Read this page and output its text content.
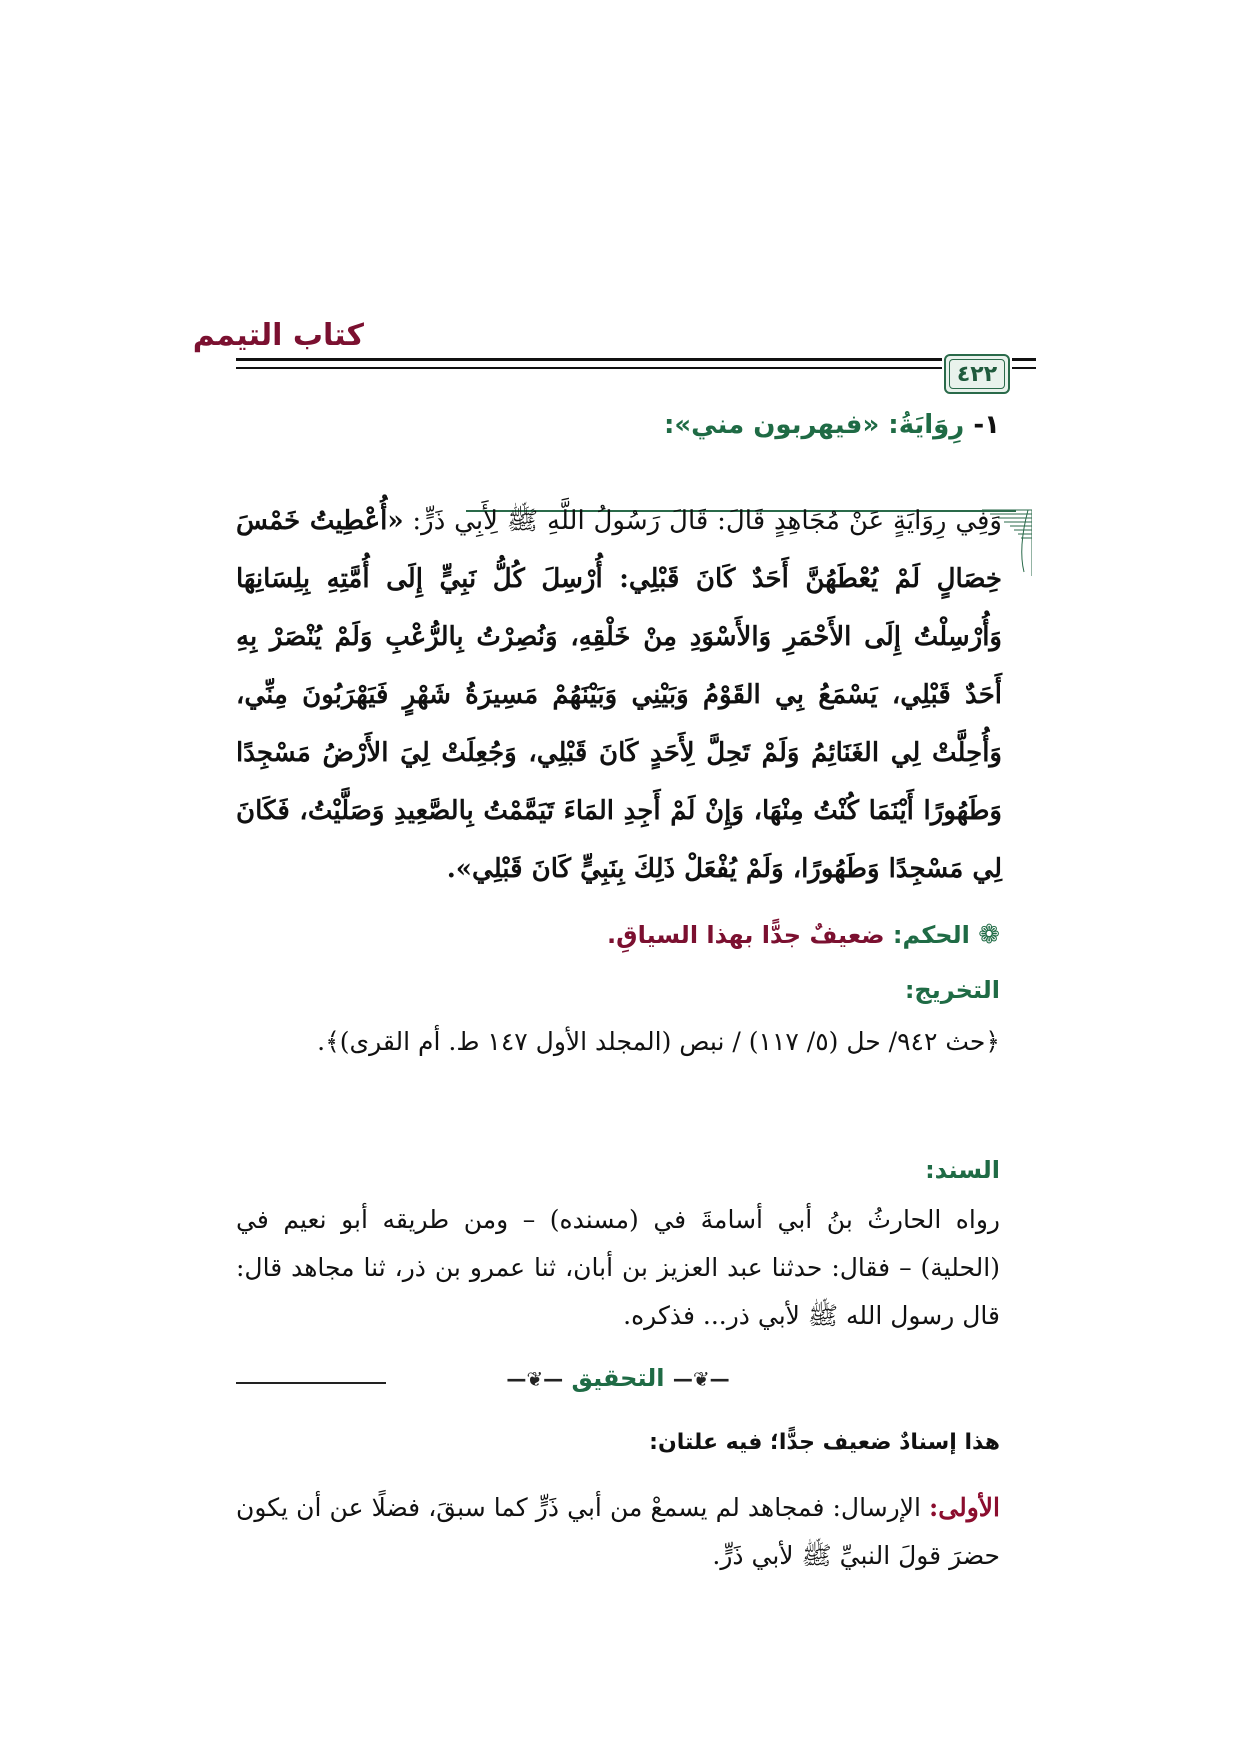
كتاب التيمم
٤٢٢
١- رِوَايَةُ: «فيهربون مني»:
وَفِي رِوَايَةٍ عَنْ مُجَاهِدٍ قَالَ: قَالَ رَسُولُ اللَّهِ ﷺ لِأَبِي ذَرٍّ: «أُعْطِيتُ خَمْسَ خِصَالٍ لَمْ يُعْطَهُنَّ أَحَدٌ كَانَ قَبْلِي: أُرْسِلَ كُلُّ نَبِيٍّ إِلَى أُمَّتِهِ بِلِسَانِهَا وَأُرْسِلْتُ إِلَى الأَحْمَرِ وَالأَسْوَدِ مِنْ خَلْقِهِ، وَنُصِرْتُ بِالرُّعْبِ وَلَمْ يُنْصَرْ بِهِ أَحَدٌ قَبْلِي، يَسْمَعُ بِي القَوْمُ وَبَيْنِي وَبَيْنَهُمْ مَسِيرَةُ شَهْرٍ فَيَهْرَبُونَ مِنِّي، وَأُحِلَّتْ لِي الغَنَائِمُ وَلَمْ تَحِلَّ لِأَحَدٍ كَانَ قَبْلِي، وَجُعِلَتْ لِيَ الأَرْضُ مَسْجِدًا وَطَهُورًا أَيْنَمَا كُنْتُ مِنْهَا، وَإِنْ لَمْ أَجِدِ المَاءَ تَيَمَّمْتُ بِالصَّعِيدِ وَصَلَّيْتُ، فَكَانَ لِي مَسْجِدًا وَطَهُورًا، وَلَمْ يُفْعَلْ ذَلِكَ بِنَبِيٍّ كَانَ قَبْلِي».
❁ الحكم: ضعيفٌ جدًّا بهذا السياقِ.
التخريج:
﴿حث ٩٤٢/ حل (٥/ ١١٧) / نبص (المجلد الأول ١٤٧ ط. أم القرى)﴾.
السند:
رواه الحارثُ بنُ أبي أسامةَ في (مسنده) – ومن طريقه أبو نعيم في (الحلية) – فقال: حدثنا عبد العزيز بن أبان، ثنا عمرو بن ذر، ثنا مجاهد قال: قال رسول الله ﷺ لأبي ذر... فذكره.
—❦— التحقيق —❦—
هذا إسنادٌ ضعيف جدًّا؛ فيه علتان:
الأولى: الإرسال: فمجاهد لم يسمعْ من أبي ذَرٍّ كما سبقَ، فضلًا عن أن يكون حضرَ قولَ النبيِّ ﷺ لأبي ذَرٍّ.
